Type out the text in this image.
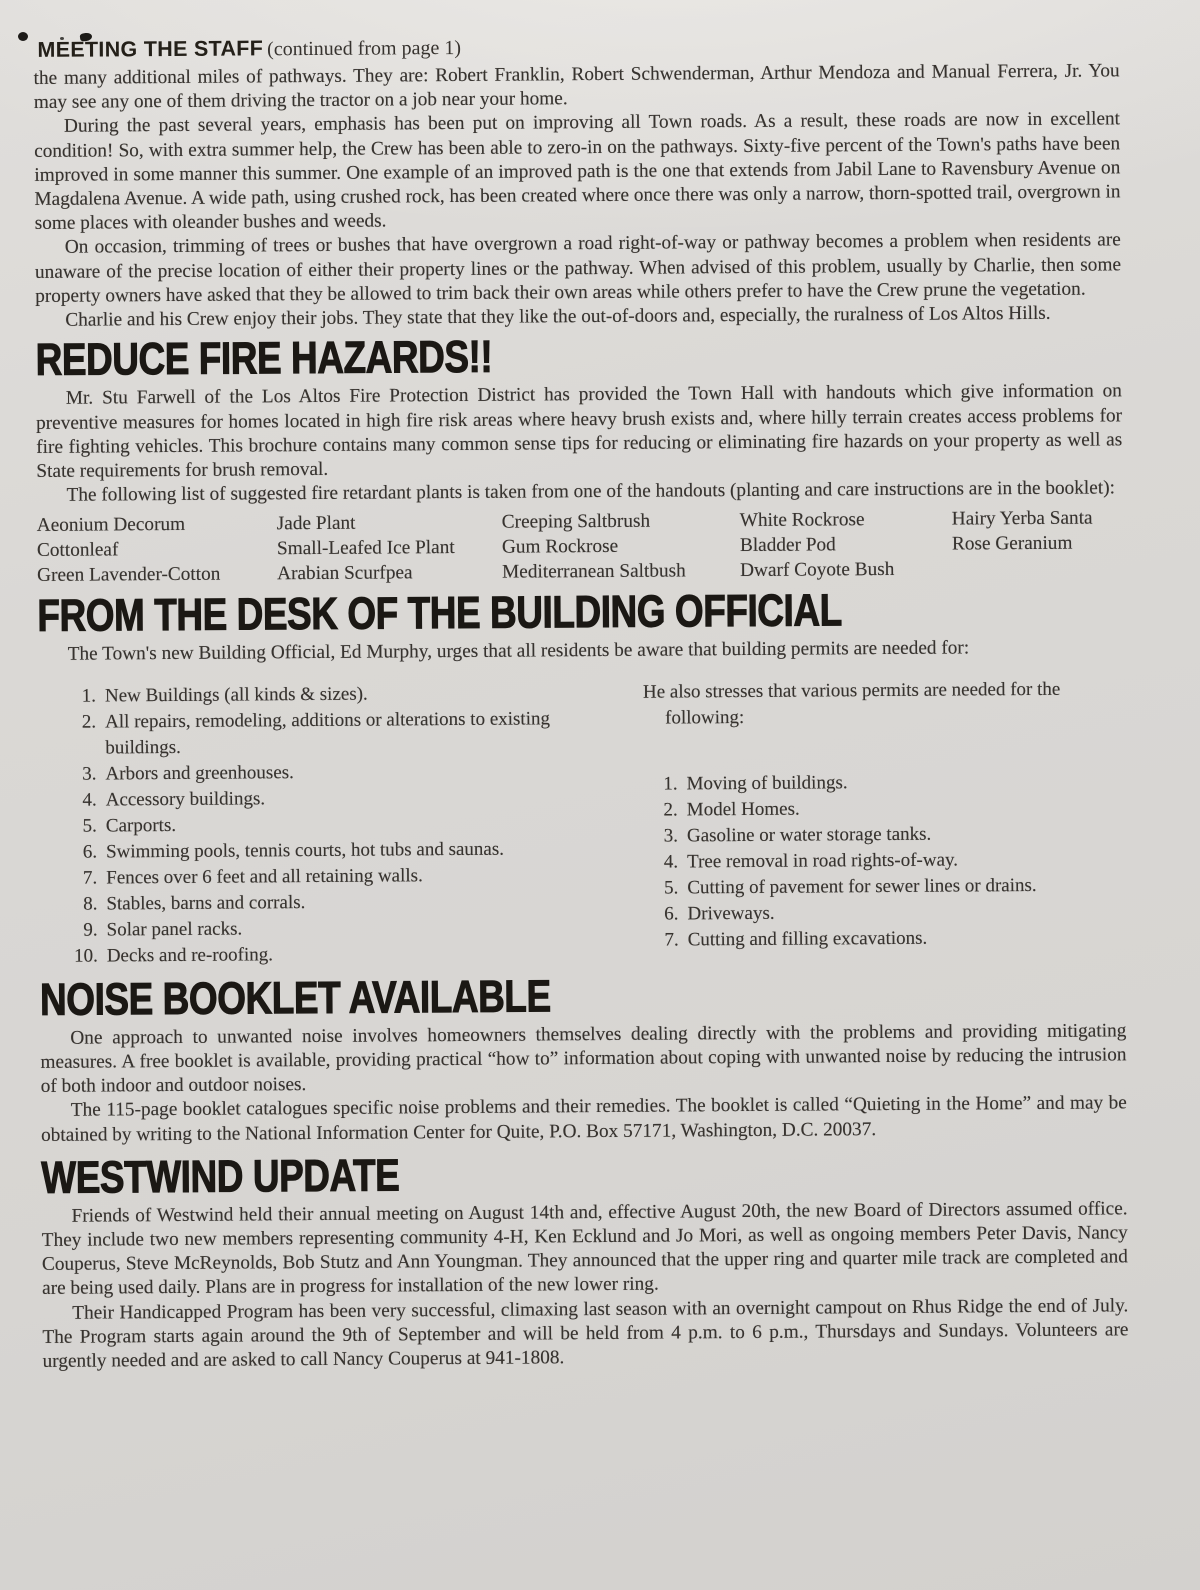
MEETING THE STAFF (continued from page 1)

the many additional miles of pathways. They are: Robert Franklin, Robert Schwenderman, Arthur Mendoza and Manual Ferrera, Jr. You may see any one of them driving the tractor on a job near your home.

During the past several years, emphasis has been put on improving all Town roads. As a result, these roads are now in excellent condition! So, with extra summer help, the Crew has been able to zero-in on the pathways. Sixty-five percent of the Town's paths have been improved in some manner this summer. One example of an improved path is the one that extends from Jabil Lane to Ravensbury Avenue on Magdalena Avenue. A wide path, using crushed rock, has been created where once there was only a narrow, thorn-spotted trail, overgrown in some places with oleander bushes and weeds.

On occasion, trimming of trees or bushes that have overgrown a road right-of-way or pathway becomes a problem when residents are unaware of the precise location of either their property lines or the pathway. When advised of this problem, usually by Charlie, then some property owners have asked that they be allowed to trim back their own areas while others prefer to have the Crew prune the vegetation.

Charlie and his Crew enjoy their jobs. They state that they like the out-of-doors and, especially, the ruralness of Los Altos Hills.

REDUCE FIRE HAZARDS!!

Mr. Stu Farwell of the Los Altos Fire Protection District has provided the Town Hall with handouts which give information on preventive measures for homes located in high fire risk areas where heavy brush exists and, where hilly terrain creates access problems for fire fighting vehicles. This brochure contains many common sense tips for reducing or eliminating fire hazards on your property as well as State requirements for brush removal.

The following list of suggested fire retardant plants is taken from one of the handouts (planting and care instructions are in the booklet):

Aeonium Decorum
Cottonleaf
Green Lavender-Cotton
Jade Plant
Small-Leafed Ice Plant
Arabian Scurfpea
Creeping Saltbrush
Gum Rockrose
Mediterranean Saltbush
White Rockrose
Bladder Pod
Dwarf Coyote Bush
Hairy Yerba Santa
Rose Geranium
FROM THE DESK OF THE BUILDING OFFICIAL

The Town's new Building Official, Ed Murphy, urges that all residents be aware that building permits are needed for:

1. New Buildings (all kinds & sizes).
2. All repairs, remodeling, additions or alterations to existing buildings.
3. Arbors and greenhouses.
4. Accessory buildings.
5. Carports.
6. Swimming pools, tennis courts, hot tubs and saunas.
7. Fences over 6 feet and all retaining walls.
8. Stables, barns and corrals.
9. Solar panel racks.
10. Decks and re-roofing.
He also stresses that various permits are needed for the following:
1. Moving of buildings.
2. Model Homes.
3. Gasoline or water storage tanks.
4. Tree removal in road rights-of-way.
5. Cutting of pavement for sewer lines or drains.
6. Driveways.
7. Cutting and filling excavations.
NOISE BOOKLET AVAILABLE

One approach to unwanted noise involves homeowners themselves dealing directly with the problems and providing mitigating measures. A free booklet is available, providing practical “how to” information about coping with unwanted noise by reducing the intrusion of both indoor and outdoor noises.

The 115-page booklet catalogues specific noise problems and their remedies. The booklet is called “Quieting in the Home” and may be obtained by writing to the National Information Center for Quite, P.O. Box 57171, Washington, D.C. 20037.

WESTWIND UPDATE

Friends of Westwind held their annual meeting on August 14th and, effective August 20th, the new Board of Directors assumed office. They include two new members representing community 4-H, Ken Ecklund and Jo Mori, as well as ongoing members Peter Davis, Nancy Couperus, Steve McReynolds, Bob Stutz and Ann Youngman. They announced that the upper ring and quarter mile track are completed and are being used daily. Plans are in progress for installation of the new lower ring.

Their Handicapped Program has been very successful, climaxing last season with an overnight campout on Rhus Ridge the end of July. The Program starts again around the 9th of September and will be held from 4 p.m. to 6 p.m., Thursdays and Sundays. Volunteers are urgently needed and are asked to call Nancy Couperus at 941-1808.
